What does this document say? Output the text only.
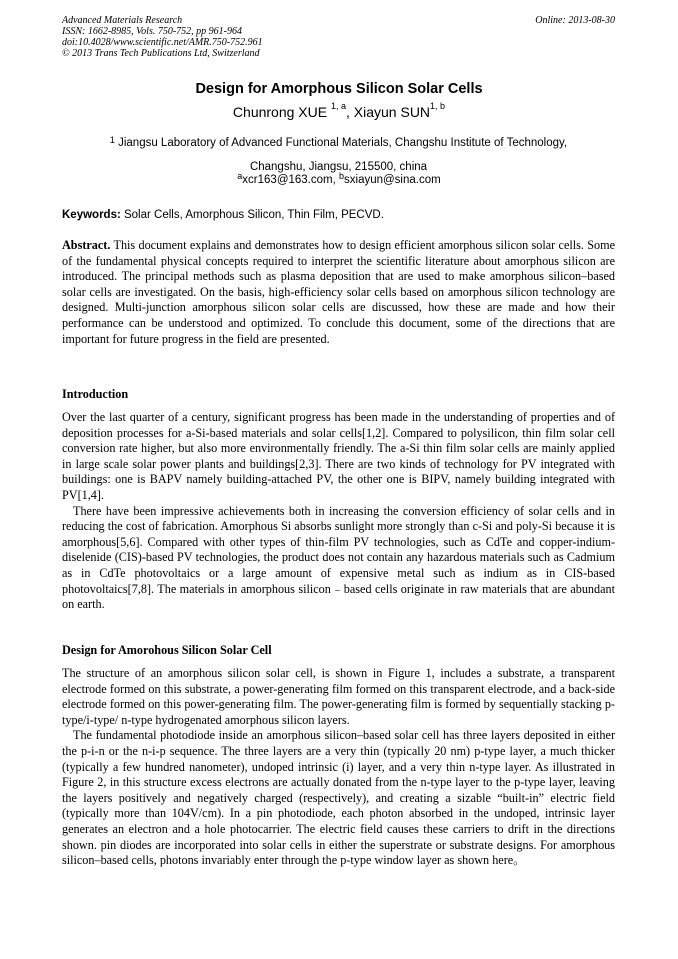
Advanced Materials Research
ISSN: 1662-8985, Vols. 750-752, pp 961-964
doi:10.4028/www.scientific.net/AMR.750-752.961
© 2013 Trans Tech Publications Ltd, Switzerland
Online: 2013-08-30
Design for Amorphous Silicon Solar Cells
Chunrong XUE $^{1, a}$, Xiayun SUN$^{1, b}$
$^1$ Jiangsu Laboratory of Advanced Functional Materials, Changshu Institute of Technology,
Changshu, Jiangsu, 215500, china
$^a$xcr163@163.com, $^b$sxiayun@sina.com
Keywords: Solar Cells, Amorphous Silicon, Thin Film, PECVD.

Abstract. This document explains and demonstrates how to design efficient amorphous silicon solar cells. Some of the fundamental physical concepts required to interpret the scientific literature about amorphous silicon are introduced. The principal methods such as plasma deposition that are used to make amorphous silicon–based solar cells are investigated. On the basis, high-efficiency solar cells based on amorphous silicon technology are designed. Multi-junction amorphous silicon solar cells are discussed, how these are made and how their performance can be understood and optimized. To conclude this document, some of the directions that are important for future progress in the field are presented.

Introduction

Over the last quarter of a century, significant progress has been made in the understanding of properties and of deposition processes for a-Si-based materials and solar cells[1,2]. Compared to polysilicon, thin film solar cell conversion rate higher, but also more environmentally friendly. The a-Si thin film solar cells are mainly applied in large scale solar power plants and buildings[2,3]. There are two kinds of technology for PV integrated with buildings: one is BAPV namely building-attached PV, the other one is BIPV, namely building integrated with PV[1,4].

There have been impressive achievements both in increasing the conversion efficiency of solar cells and in reducing the cost of fabrication. Amorphous Si absorbs sunlight more strongly than c-Si and poly-Si because it is amorphous[5,6]. Compared with other types of thin-film PV technologies, such as CdTe and copper-indium-diselenide (CIS)-based PV technologies, the product does not contain any hazardous materials such as Cadmium as in CdTe photovoltaics or a large amount of expensive metal such as indium as in CIS-based photovoltaics[7,8]. The materials in amorphous silicon﹣based cells originate in raw materials that are abundant on earth.

Design for Amorohous Silicon Solar Cell

The structure of an amorphous silicon solar cell, is shown in Figure 1, includes a substrate, a transparent electrode formed on this substrate, a power-generating film formed on this transparent electrode, and a back-side electrode formed on this power-generating film. The power-generating film is formed by sequentially stacking p-type/i-type/ n-type hydrogenated amorphous silicon layers.

The fundamental photodiode inside an amorphous silicon–based solar cell has three layers deposited in either the p-i-n or the n-i-p sequence. The three layers are a very thin (typically 20 nm) p-type layer, a much thicker (typically a few hundred nanometer), undoped intrinsic (i) layer, and a very thin n-type layer. As illustrated in Figure 2, in this structure excess electrons are actually donated from the n-type layer to the p-type layer, leaving the layers positively and negatively charged (respectively), and creating a sizable “built-in” electric field (typically more than 104V/cm). In a pin photodiode, each photon absorbed in the undoped, intrinsic layer generates an electron and a hole photocarrier. The electric field causes these carriers to drift in the directions shown. pin diodes are incorporated into solar cells in either the superstrate or substrate designs. For amorphous silicon–based cells, photons invariably enter through the p-type window layer as shown here。
